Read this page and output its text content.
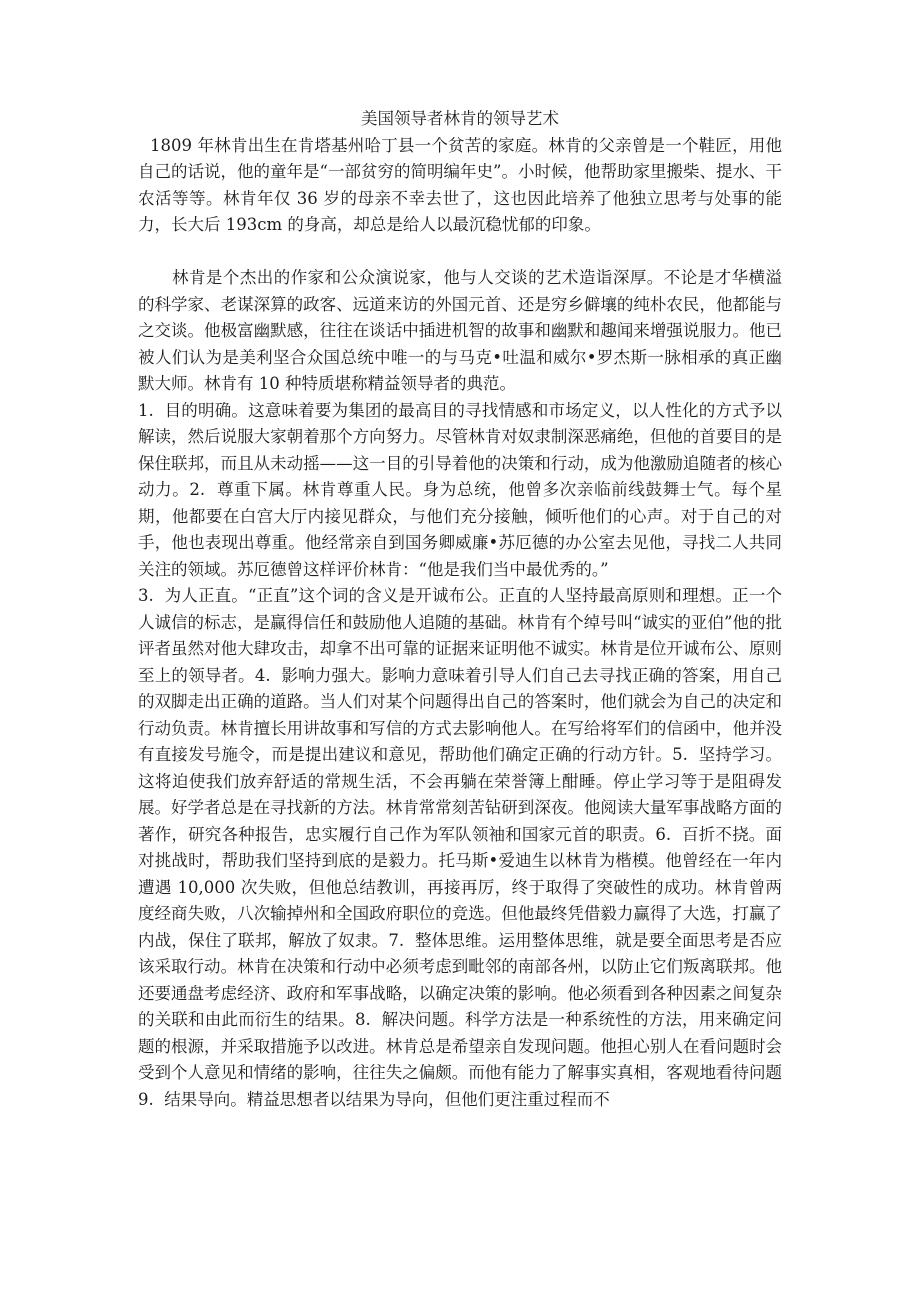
美国领导者林肯的领导艺术

1809 年林肯出生在肯塔基州哈丁县一个贫苦的家庭。林肯的父亲曾是一个鞋匠，用他自己的话说，他的童年是“一部贫穷的简明编年史”。小时候，他帮助家里搬柴、提水、干农活等等。林肯年仅 36 岁的母亲不幸去世了，这也因此培养了他独立思考与处事的能力，长大后 193cm 的身高，却总是给人以最沉稳忧郁的印象。

林肯是个杰出的作家和公众演说家，他与人交谈的艺术造诣深厚。不论是才华横溢的科学家、老谋深算的政客、远道来访的外国元首、还是穷乡僻壤的纯朴农民，他都能与之交谈。他极富幽默感，往往在谈话中插进机智的故事和幽默和趣闻来增强说服力。他已被人们认为是美利坚合众国总统中唯一的与马克•吐温和威尔•罗杰斯一脉相承的真正幽默大师。林肯有 10 种特质堪称精益领导者的典范。

1.  目的明确。这意味着要为集团的最高目的寻找情感和市场定义，以人性化的方式予以解读，然后说服大家朝着那个方向努力。尽管林肯对奴隶制深恶痛绝，但他的首要目的是保住联邦，而且从未动摇——这一目的引导着他的决策和行动，成为他激励追随者的核心动力。2.  尊重下属。林肯尊重人民。身为总统，他曾多次亲临前线鼓舞士气。每个星期，他都要在白宫大厅内接见群众，与他们充分接触，倾听他们的心声。对于自己的对手，他也表现出尊重。他经常亲自到国务卿威廉•苏厄德的办公室去见他，寻找二人共同关注的领域。苏厄德曾这样评价林肯：“他是我们当中最优秀的。”

3.  为人正直。“正直”这个词的含义是开诚布公。正直的人坚持最高原则和理想。正一个人诚信的标志，是赢得信任和鼓励他人追随的基础。林肯有个绰号叫“诚实的亚伯”他的批评者虽然对他大肆攻击，却拿不出可靠的证据来证明他不诚实。林肯是位开诚布公、原则至上的领导者。4.  影响力强大。影响力意味着引导人们自己去寻找正确的答案，用自己的双脚走出正确的道路。当人们对某个问题得出自己的答案时，他们就会为自己的决定和行动负责。林肯擅长用讲故事和写信的方式去影响他人。在写给将军们的信函中，他并没有直接发号施令，而是提出建议和意见，帮助他们确定正确的行动方针。5.  坚持学习。这将迫使我们放弃舒适的常规生活，不会再躺在荣誉簿上酣睡。停止学习等于是阻碍发展。好学者总是在寻找新的方法。林肯常常刻苦钻研到深夜。他阅读大量军事战略方面的著作，研究各种报告，忠实履行自己作为军队领袖和国家元首的职责。6.  百折不挠。面对挑战时，帮助我们坚持到底的是毅力。托马斯•爱迪生以林肯为楷模。他曾经在一年内遭遇 10,000 次失败，但他总结教训，再接再厉，终于取得了突破性的成功。林肯曾两度经商失败，八次输掉州和全国政府职位的竞选。但他最终凭借毅力赢得了大选，打赢了内战，保住了联邦，解放了奴隶。7.  整体思维。运用整体思维，就是要全面思考是否应该采取行动。林肯在决策和行动中必须考虑到毗邻的南部各州，以防止它们叛离联邦。他还要通盘考虑经济、政府和军事战略，以确定决策的影响。他必须看到各种因素之间复杂的关联和由此而衍生的结果。8.  解决问题。科学方法是一种系统性的方法，用来确定问题的根源，并采取措施予以改进。林肯总是希望亲自发现问题。他担心别人在看问题时会受到个人意见和情绪的影响，往往失之偏颇。而他有能力了解事实真相，客观地看待问题 9.  结果导向。精益思想者以结果为导向，但他们更注重过程而不
